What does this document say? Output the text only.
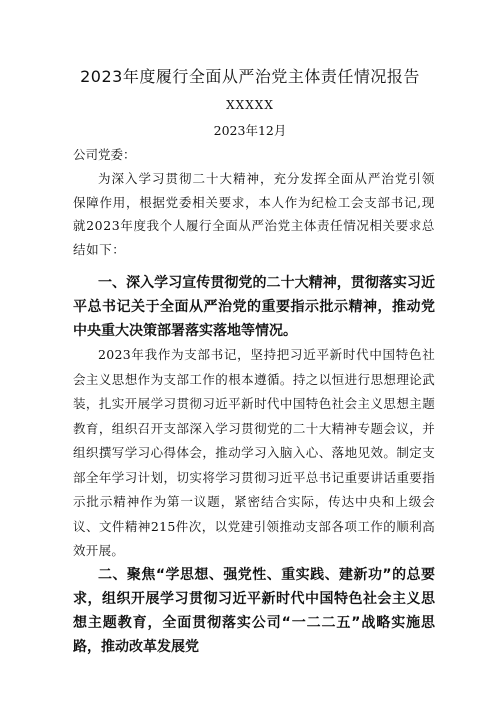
2023年度履行全面从严治党主体责任情况报告
XXXXX
2023年12月
公司党委：

为深入学习贯彻二十大精神，充分发挥全面从严治党引领保障作用，根据党委相关要求，本人作为纪检工会支部书记,现就2023年度我个人履行全面从严治党主体责任情况相关要求总结如下：

一、深入学习宣传贯彻党的二十大精神，贯彻落实习近平总书记关于全面从严治党的重要指示批示精神，推动党中央重大决策部署落实落地等情况。

2023年我作为支部书记，坚持把习近平新时代中国特色社会主义思想作为支部工作的根本遵循。持之以恒进行思想理论武装，扎实开展学习贯彻习近平新时代中国特色社会主义思想主题教育，组织召开支部深入学习贯彻党的二十大精神专题会议，并组织撰写学习心得体会，推动学习入脑入心、落地见效。制定支部全年学习计划，切实将学习贯彻习近平总书记重要讲话重要指示批示精神作为第一议题，紧密结合实际，传达中央和上级会议、文件精神215件次，以党建引领推动支部各项工作的顺利高效开展。

二、聚焦“学思想、强党性、重实践、建新功”的总要求，组织开展学习贯彻习近平新时代中国特色社会主义思想主题教育，全面贯彻落实公司“一二二五”战略实施思路，推动改革发展党
